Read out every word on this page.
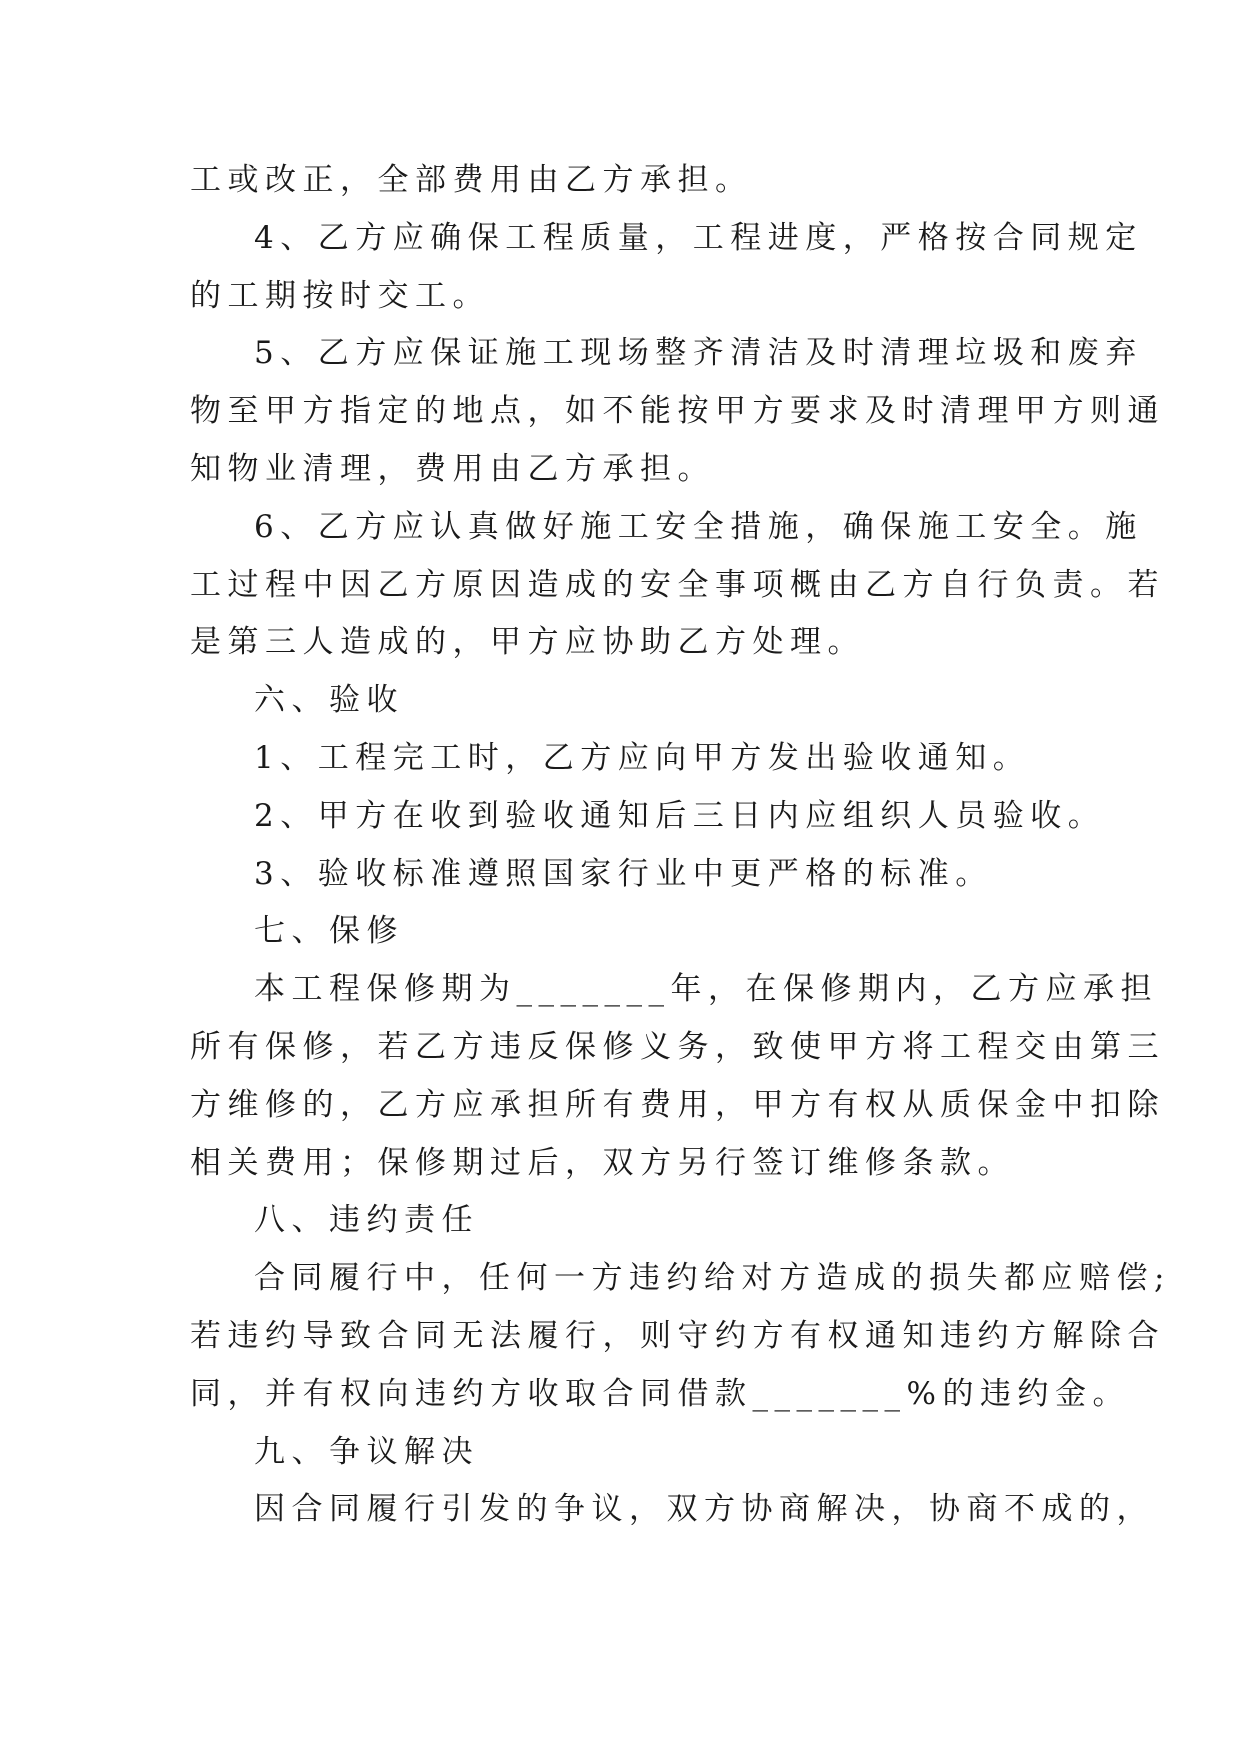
工或改正，全部费用由乙方承担。
4、乙方应确保工程质量，工程进度，严格按合同规定
的工期按时交工。
5、乙方应保证施工现场整齐清洁及时清理垃圾和废弃
物至甲方指定的地点，如不能按甲方要求及时清理甲方则通
知物业清理，费用由乙方承担。
6、乙方应认真做好施工安全措施，确保施工安全。施
工过程中因乙方原因造成的安全事项概由乙方自行负责。若
是第三人造成的，甲方应协助乙方处理。
六、验收
1、工程完工时，乙方应向甲方发出验收通知。
2、甲方在收到验收通知后三日内应组织人员验收。
3、验收标准遵照国家行业中更严格的标准。
七、保修
本工程保修期为_______年，在保修期内，乙方应承担
所有保修，若乙方违反保修义务，致使甲方将工程交由第三
方维修的，乙方应承担所有费用，甲方有权从质保金中扣除
相关费用；保修期过后，双方另行签订维修条款。
八、违约责任
合同履行中，任何一方违约给对方造成的损失都应赔偿;
若违约导致合同无法履行，则守约方有权通知违约方解除合
同，并有权向违约方收取合同借款_______%的违约金。
九、争议解决
因合同履行引发的争议，双方协商解决，协商不成的，
